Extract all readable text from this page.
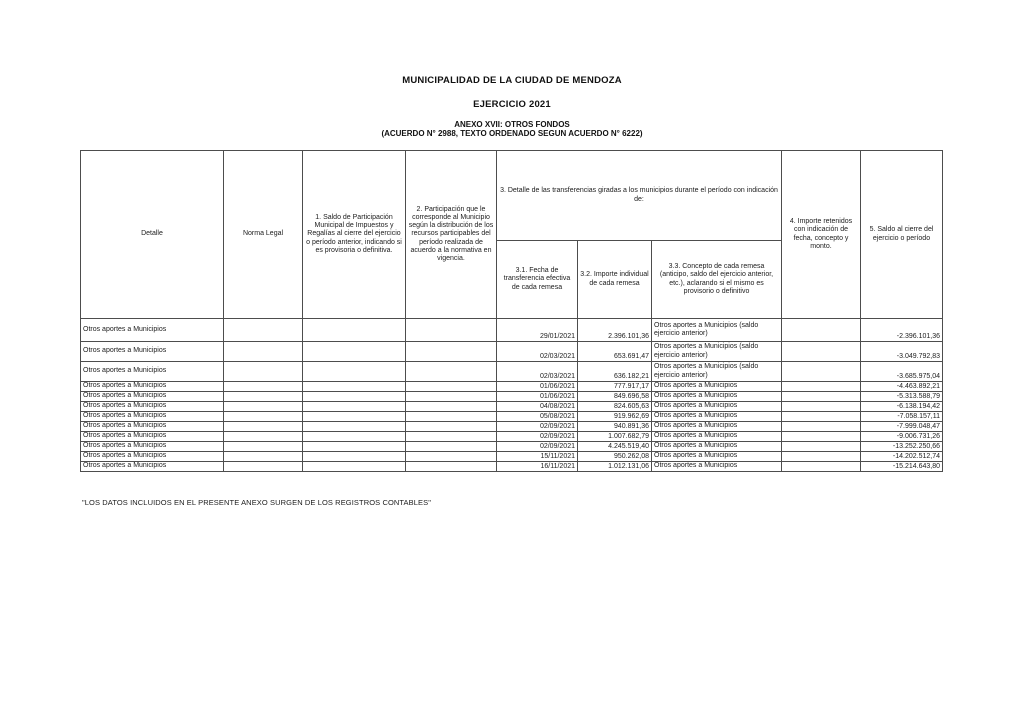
MUNICIPALIDAD DE LA CIUDAD DE MENDOZA
EJERCICIO 2021
ANEXO XVII: OTROS FONDOS
(ACUERDO N° 2988, TEXTO ORDENADO SEGUN ACUERDO N° 6222)
Detalle	Norma Legal	1. Saldo de Participación Municipal de Impuestos y Regalías al cierre del ejercicio o período anterior, indicando si es provisoria o definitiva.	2. Participación que le corresponde al Municipio según la distribución de los recursos participables del período realizada de acuerdo a la normativa en vigencia.	3. Detalle de las transferencias giradas a los municipios durante el período con indicación de:			4. Importe retenidos con indicación de fecha, concepto y monto.	5. Saldo al cierre del ejercicio o período
				3.1. Fecha de transferencia efectiva de cada remesa	3.2. Importe individual de cada remesa	3.3. Concepto de cada remesa (anticipo, saldo del ejercicio anterior, etc.), aclarando si el mismo es provisorio o definitivo		
Otros aportes a Municipios				29/01/2021	2.396.101,36	Otros aportes a Municipios (saldo ejercicio anterior)		-2.396.101,36
Otros aportes a Municipios				02/03/2021	653.691,47	Otros aportes a Municipios (saldo ejercicio anterior)		-3.049.792,83
Otros aportes a Municipios				02/03/2021	636.182,21	Otros aportes a Municipios (saldo ejercicio anterior)		-3.685.975,04
Otros aportes a Municipios				01/06/2021	777.917,17	Otros aportes a Municipios		-4.463.892,21
Otros aportes a Municipios				01/06/2021	849.696,58	Otros aportes a Municipios		-5.313.588,79
Otros aportes a Municipios				04/08/2021	824.605,63	Otros aportes a Municipios		-6.138.194,42
Otros aportes a Municipios				05/08/2021	919.962,69	Otros aportes a Municipios		-7.058.157,11
Otros aportes a Municipios				02/09/2021	940.891,36	Otros aportes a Municipios		-7.999.048,47
Otros aportes a Municipios				02/09/2021	1.007.682,79	Otros aportes a Municipios		-9.006.731,26
Otros aportes a Municipios				02/09/2021	4.245.519,40	Otros aportes a Municipios		-13.252.250,66
Otros aportes a Municipios				15/11/2021	950.262,08	Otros aportes a Municipios		-14.202.512,74
Otros aportes a Municipios				16/11/2021	1.012.131,06	Otros aportes a Municipios		-15.214.643,80
"LOS DATOS INCLUIDOS EN EL PRESENTE ANEXO SURGEN DE LOS REGISTROS CONTABLES"
